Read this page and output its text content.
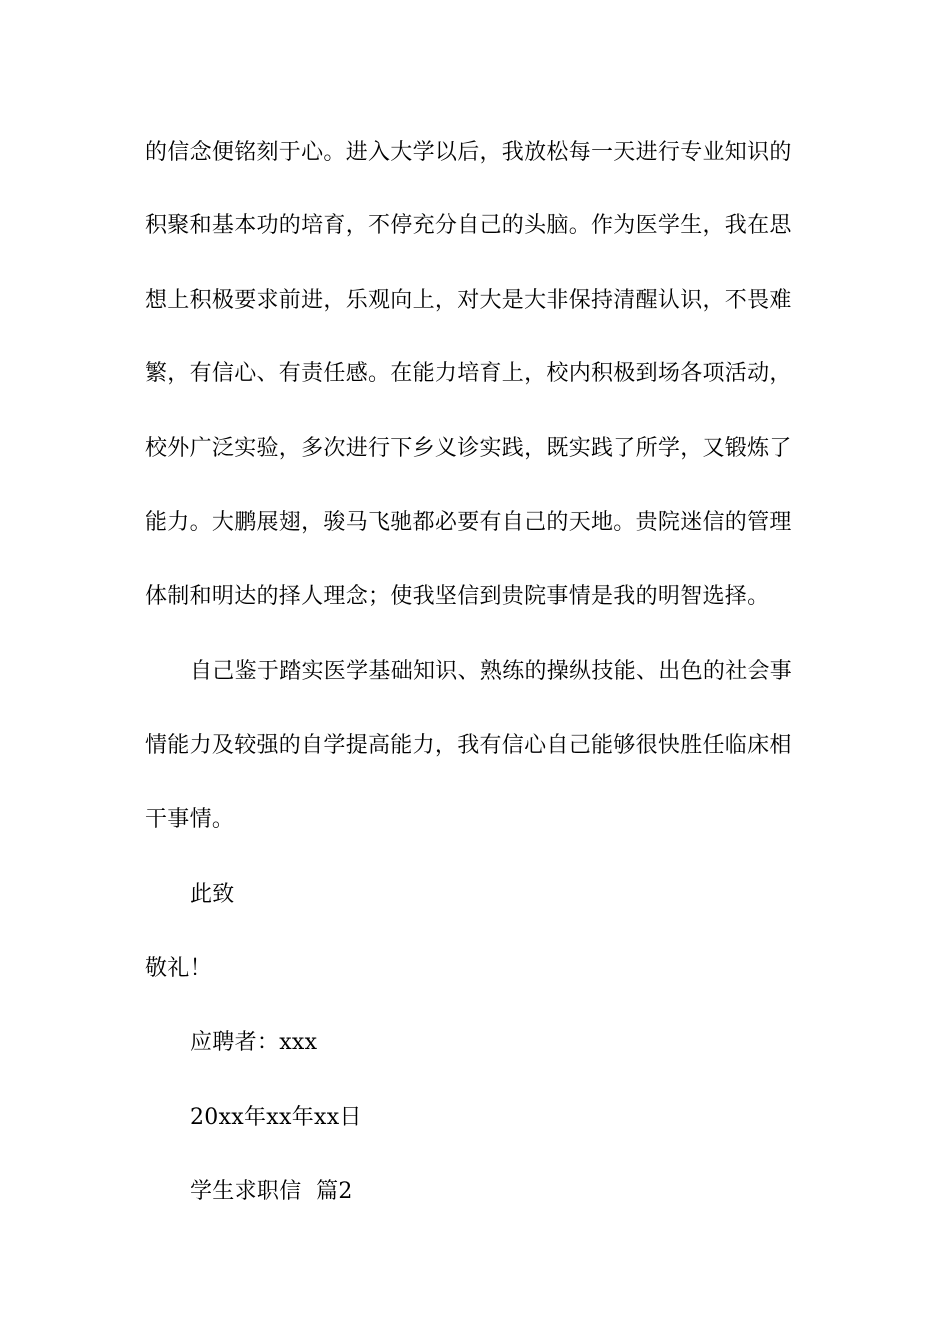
的信念便铭刻于心。进入大学以后，我放松每一天进行专业知识的
积聚和基本功的培育，不停充分自己的头脑。作为医学生，我在思
想上积极要求前进，乐观向上，对大是大非保持清醒认识，不畏难
繁，有信心、有责任感。在能力培育上，校内积极到场各项活动，
校外广泛实验，多次进行下乡义诊实践，既实践了所学，又锻炼了
能力。大鹏展翅，骏马飞驰都必要有自己的天地。贵院迷信的管理
体制和明达的择人理念；使我坚信到贵院事情是我的明智选择。
自己鉴于踏实医学基础知识、熟练的操纵技能、出色的社会事
情能力及较强的自学提高能力，我有信心自己能够很快胜任临床相
干事情。
此致
敬礼！
应聘者：xxx
20xx年xx年xx日
学生求职信  篇2
